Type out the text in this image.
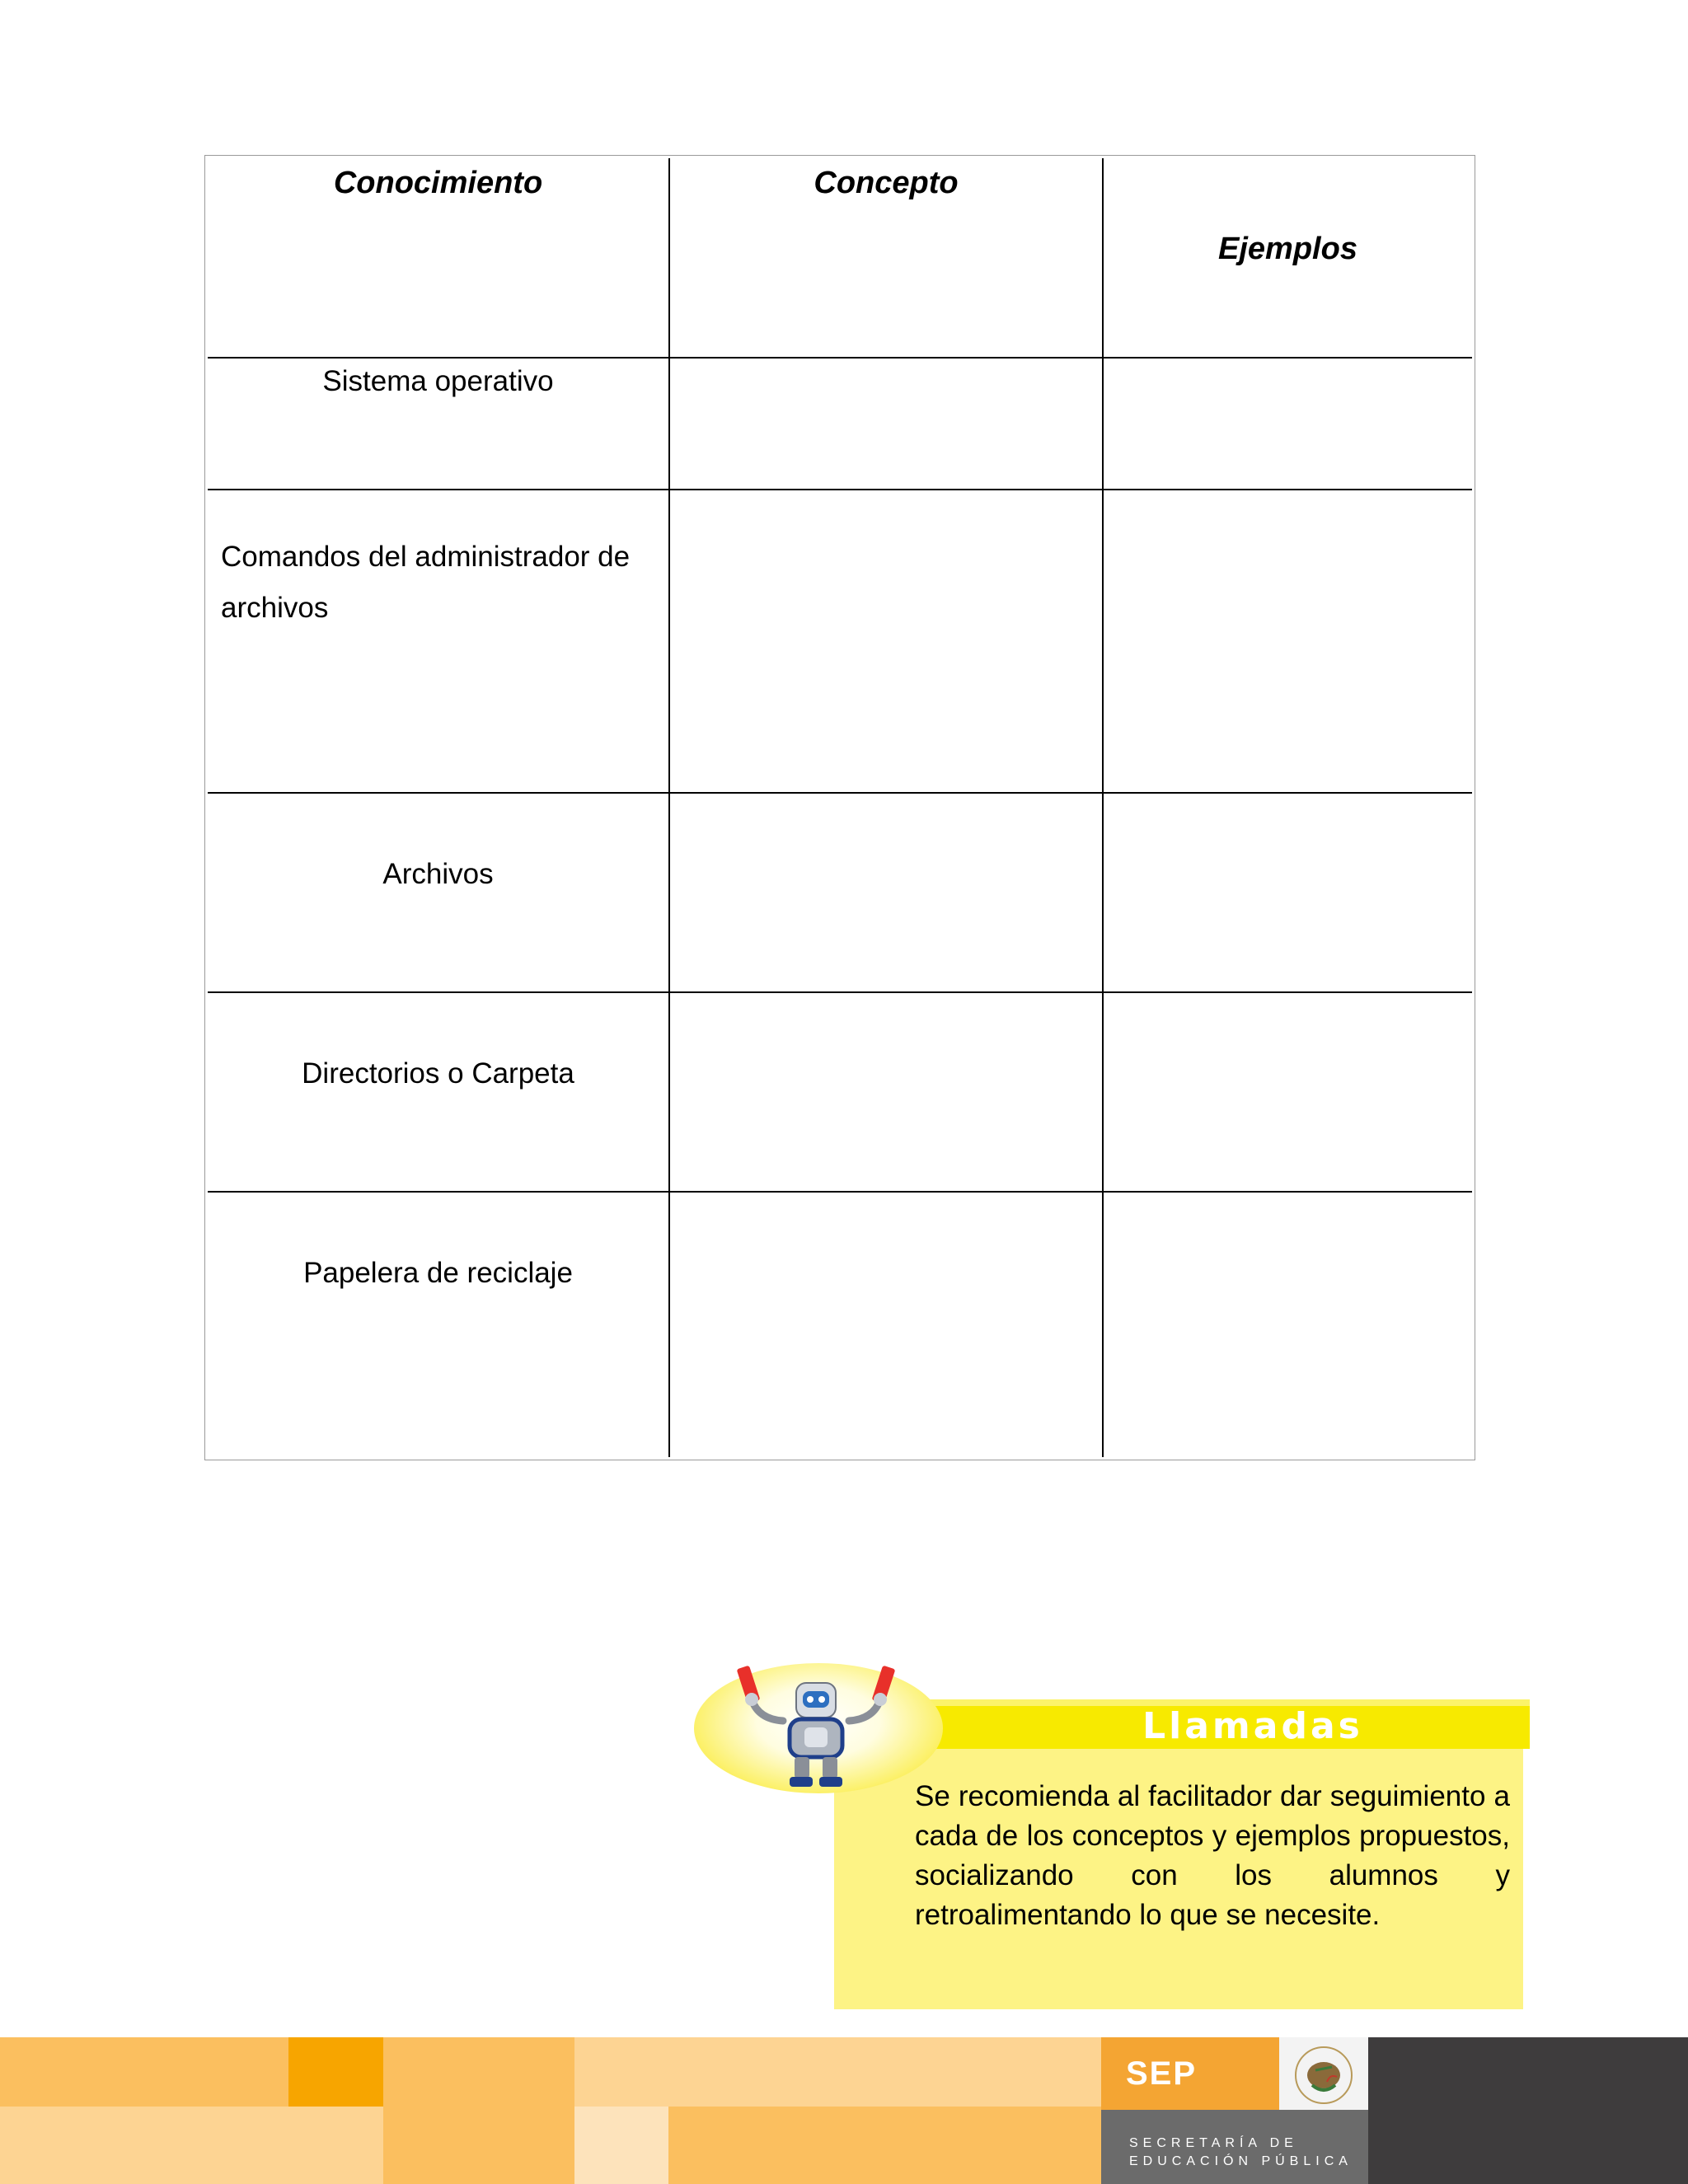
Conocimiento	Concepto	Ejemplos

Sistema operativo		

Comandos del administrador de archivos		

Archivos		

Directorios o Carpeta		

Papelera de reciclaje		

Llamadas
Se recomienda al facilitador dar seguimiento a cada de los conceptos y ejemplos propuestos, socializando con los alumnos y retroalimentando lo que se necesite.
SEP
SECRETARÍA DE
EDUCACIÓN PÚBLICA
